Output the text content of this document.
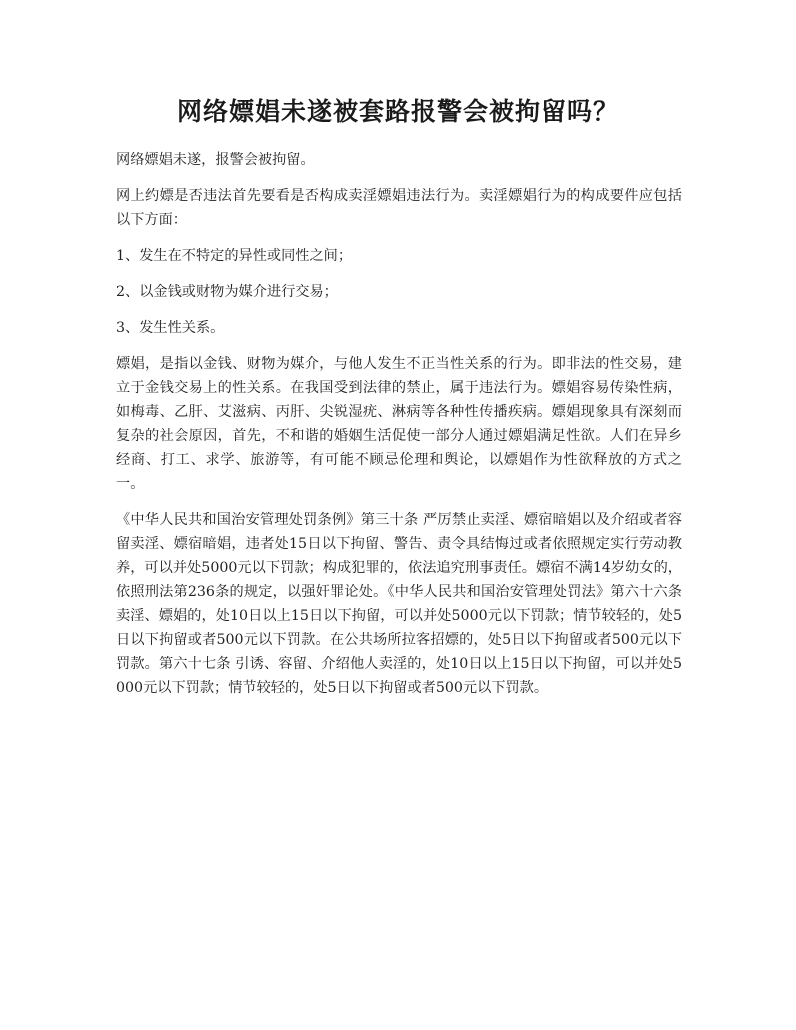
网络嫖娼未遂被套路报警会被拘留吗？

网络嫖娼未遂，报警会被拘留。

网上约嫖是否违法首先要看是否构成卖淫嫖娼违法行为。卖淫嫖娼行为的构成要件应包括以下方面：

1、发生在不特定的异性或同性之间；

2、以金钱或财物为媒介进行交易；

3、发生性关系。

嫖娼，是指以金钱、财物为媒介，与他人发生不正当性关系的行为。即非法的性交易，建立于金钱交易上的性关系。在我国受到法律的禁止，属于违法行为。嫖娼容易传染性病，如梅毒、乙肝、艾滋病、丙肝、尖锐湿疣、淋病等各种性传播疾病。嫖娼现象具有深刻而复杂的社会原因，首先，不和谐的婚姻生活促使一部分人通过嫖娼满足性欲。人们在异乡经商、打工、求学、旅游等，有可能不顾忌伦理和舆论，以嫖娼作为性欲释放的方式之一。

《中华人民共和国治安管理处罚条例》第三十条 严厉禁止卖淫、嫖宿暗娼以及介绍或者容留卖淫、嫖宿暗娼，违者处15日以下拘留、警告、责令具结悔过或者依照规定实行劳动教养，可以并处5000元以下罚款；构成犯罪的，依法追究刑事责任。嫖宿不满14岁幼女的，依照刑法第236条的规定，以强奸罪论处。《中华人民共和国治安管理处罚法》第六十六条 卖淫、嫖娼的，处10日以上15日以下拘留，可以并处5000元以下罚款；情节较轻的，处5日以下拘留或者500元以下罚款。在公共场所拉客招嫖的，处5日以下拘留或者500元以下罚款。第六十七条 引诱、容留、介绍他人卖淫的，处10日以上15日以下拘留，可以并处5000元以下罚款；情节较轻的，处5日以下拘留或者500元以下罚款。
